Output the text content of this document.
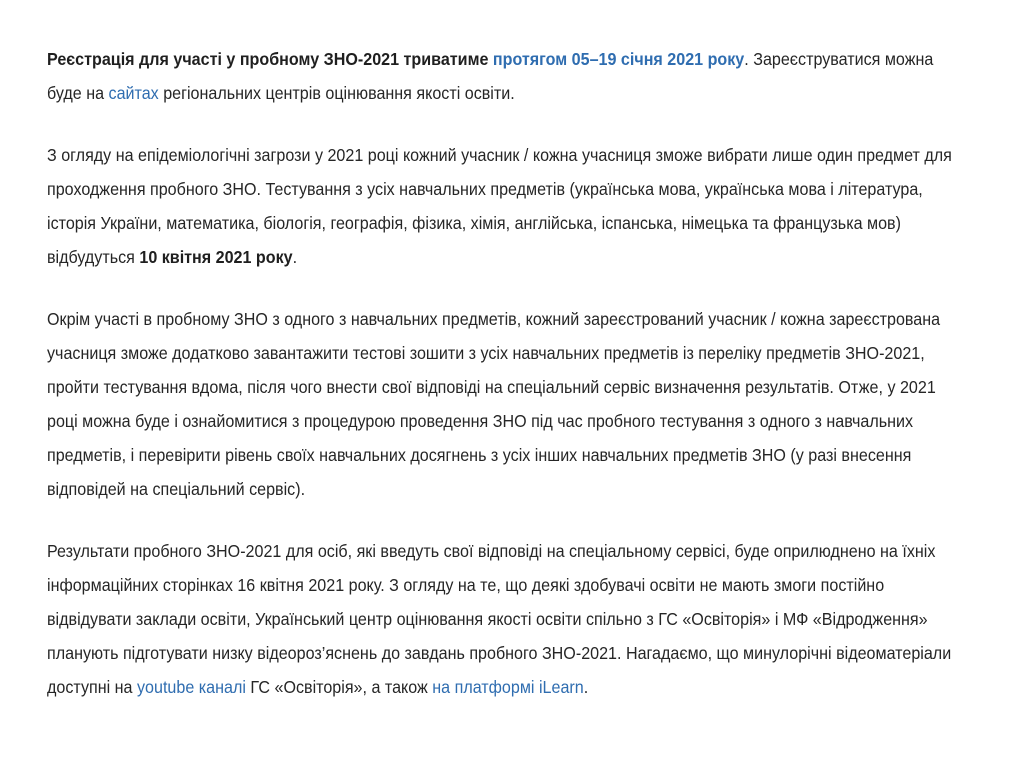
Реєстрація для участі у пробному ЗНО-2021 триватиме протягом 05–19 січня 2021 року. Зареєструватися можна буде на сайтах регіональних центрів оцінювання якості освіти.

З огляду на епідеміологічні загрози у 2021 році кожний учасник / кожна учасниця зможе вибрати лише один предмет для проходження пробного ЗНО. Тестування з усіх навчальних предметів (українська мова, українська мова і література, історія України, математика, біологія, географія, фізика, хімія, англійська, іспанська, німецька та французька мов) відбудуться 10 квітня 2021 року.

Окрім участі в пробному ЗНО з одного з навчальних предметів, кожний зареєстрований учасник / кожна зареєстрована учасниця зможе додатково завантажити тестові зошити з усіх навчальних предметів із переліку предметів ЗНО-2021, пройти тестування вдома, після чого внести свої відповіді на спеціальний сервіс визначення результатів. Отже, у 2021 році можна буде і ознайомитися з процедурою проведення ЗНО під час пробного тестування з одного з навчальних предметів, і перевірити рівень своїх навчальних досягнень з усіх інших навчальних предметів ЗНО (у разі внесення відповідей на спеціальний сервіс).

Результати пробного ЗНО-2021 для осіб, які введуть свої відповіді на спеціальному сервісі, буде оприлюднено на їхніх інформаційних сторінках 16 квітня 2021 року. З огляду на те, що деякі здобувачі освіти не мають змоги постійно відвідувати заклади освіти, Український центр оцінювання якості освіти спільно з ГС «Освіторія» і МФ «Відродження» планують підготувати низку відеороз’яснень до завдань пробного ЗНО-2021. Нагадаємо, що минулорічні відеоматеріали доступні на youtube каналі ГС «Освіторія», а також на платформі iLearn.
